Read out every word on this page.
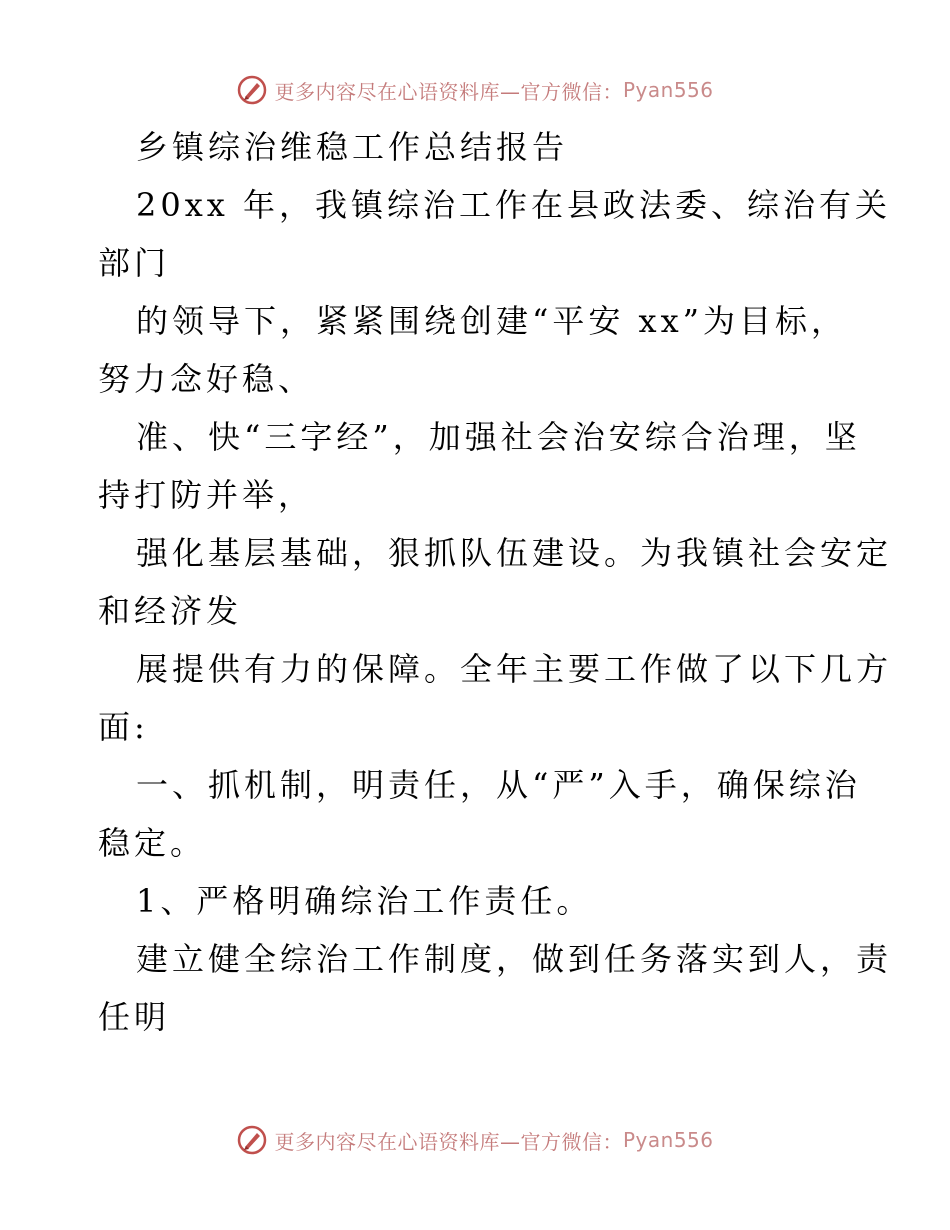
更多内容尽在心语资料库—官方微信： Pyan556
乡镇综治维稳工作总结报告
20xx 年，我镇综治工作在县政法委、综治有关
部门
的领导下，紧紧围绕创建“平安 xx”为目标，
努力念好稳、
准、快“三字经”，加强社会治安综合治理，坚
持打防并举，
强化基层基础，狠抓队伍建设。为我镇社会安定
和经济发
展提供有力的保障。全年主要工作做了以下几方
面:
一、抓机制，明责任，从“严”入手，确保综治
稳定。
1、严格明确综治工作责任。
建立健全综治工作制度，做到任务落实到人，责
任明
更多内容尽在心语资料库—官方微信： Pyan556
